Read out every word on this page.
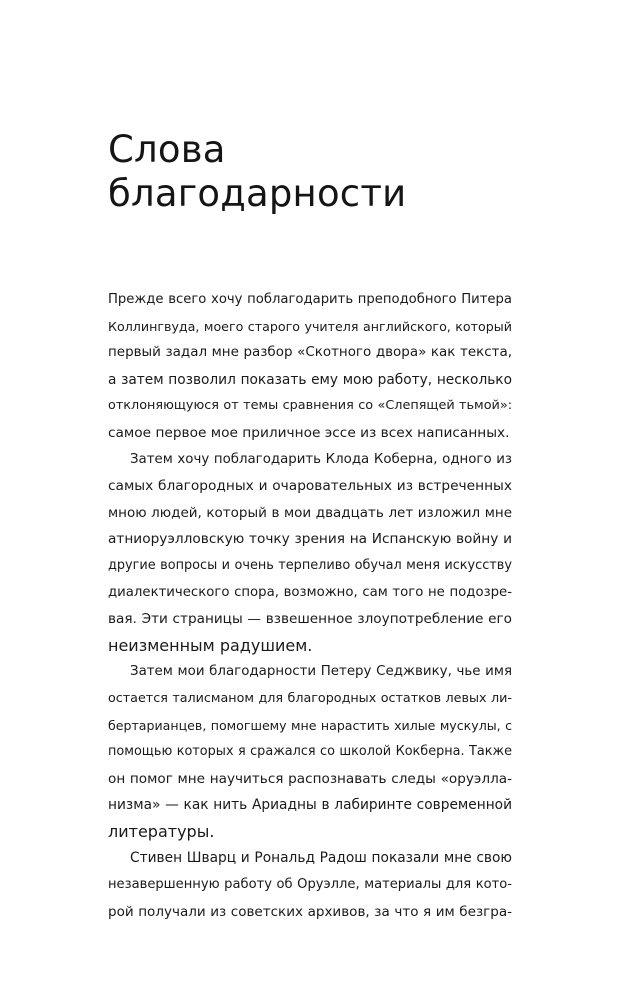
Слова
благодарности
Прежде всего хочу поблагодарить преподобного Питера
Коллингвуда, моего старого учителя английского, который
первый задал мне разбор «Скотного двора» как текста,
а затем позволил показать ему мою работу, несколько
отклоняющуюся от темы сравнения со «Слепящей тьмой»:
самое первое мое приличное эссе из всех написанных.
Затем хочу поблагодарить Клода Коберна, одного из
самых благородных и очаровательных из встреченных
мною людей, который в мои двадцать лет изложил мне
атниоруэлловскую точку зрения на Испанскую войну и
другие вопросы и очень терпеливо обучал меня искусству
диалектического спора, возможно, сам того не подозре-
вая. Эти страницы — взвешенное злоупотребление его
неизменным радушием.
Затем мои благодарности Петеру Седжвику, чье имя
остается талисманом для благородных остатков левых ли-
бертарианцев, помогшему мне нарастить хилые мускулы, с
помощью которых я сражался со школой Кокберна. Также
он помог мне научиться распознавать следы «оруэлла-
низма» — как нить Ариадны в лабиринте современной
литературы.
Стивен Шварц и Рональд Радош показали мне свою
незавершенную работу об Оруэлле, материалы для кото-
рой получали из советских архивов, за что я им безгра-
